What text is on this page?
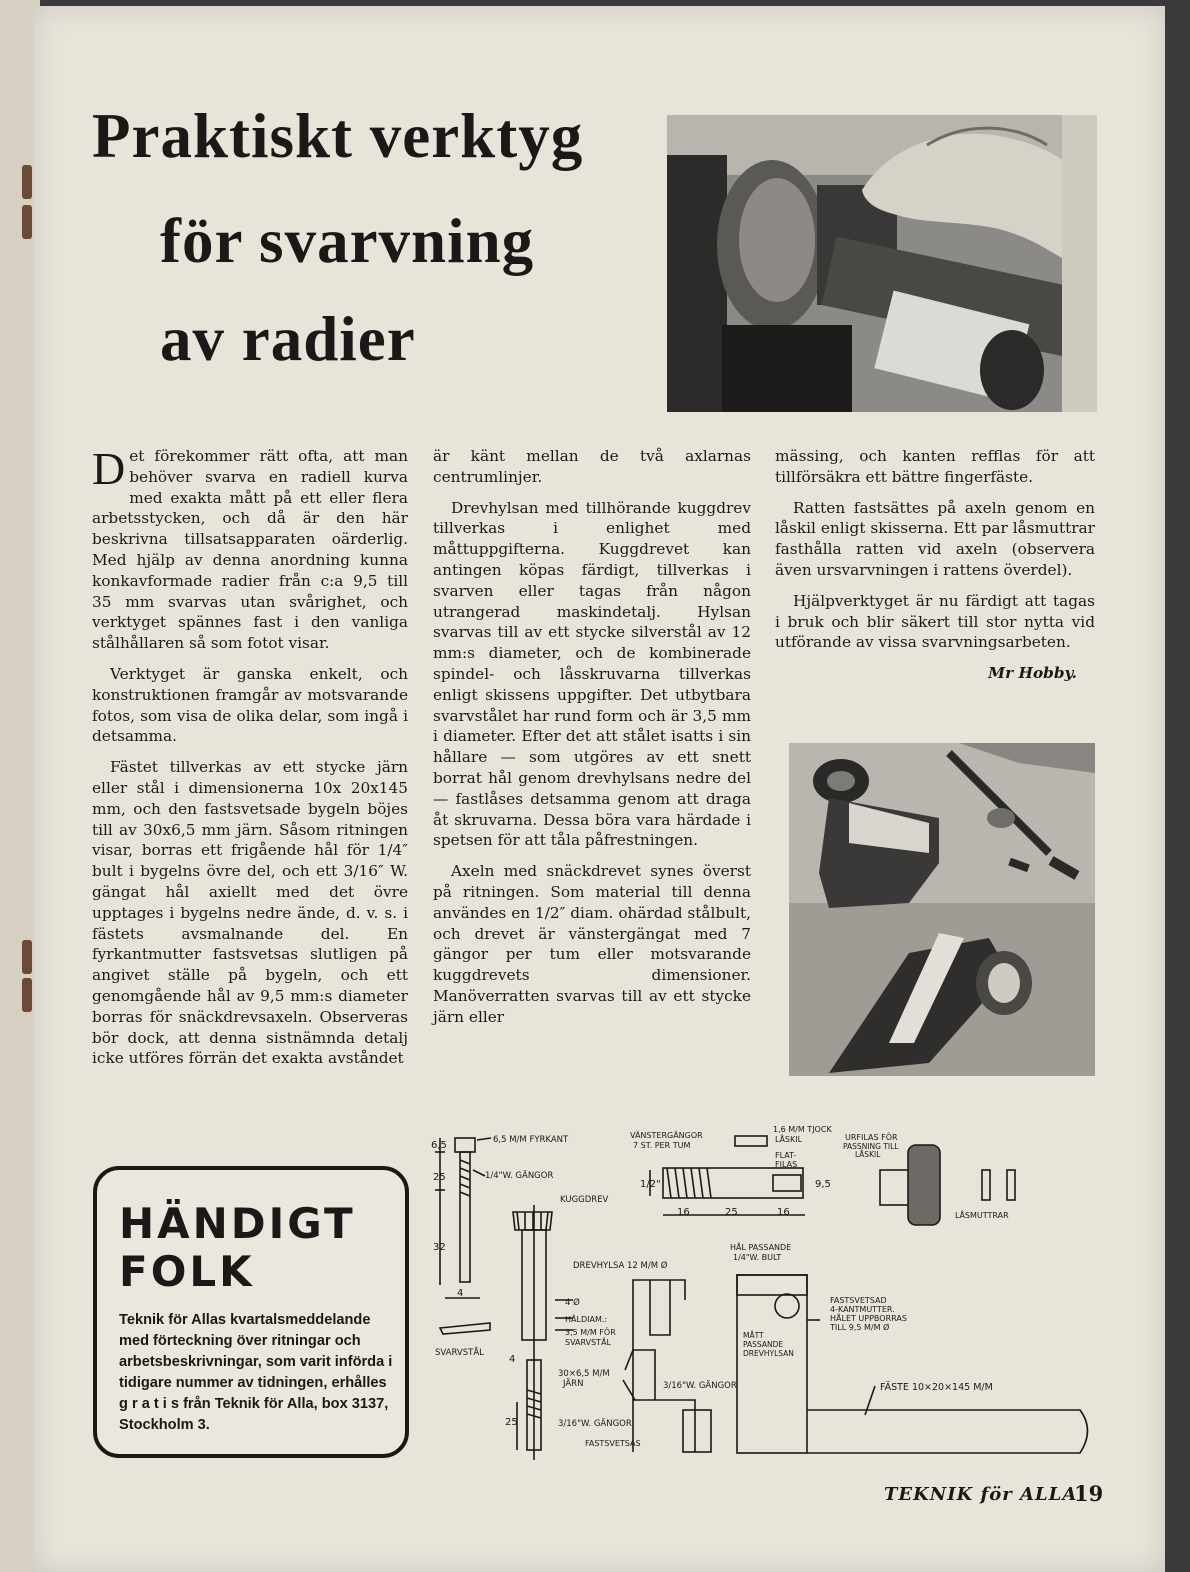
Praktiskt verktyg
för svarvning
av radier

Det förekommer rätt ofta, att man behöver svarva en radiell kurva med exakta mått på ett eller flera arbetsstycken, och då är den här beskrivna tillsatsapparaten oärderlig. Med hjälp av denna anordning kunna konkavformade radier från c:a 9,5 till 35 mm svarvas utan svårighet, och verktyget spännes fast i den vanliga stålhållaren så som fotot visar.

Verktyget är ganska enkelt, och konstruktionen framgår av motsvarande fotos, som visa de olika delar, som ingå i detsamma.

Fästet tillverkas av ett stycke järn eller stål i dimensionerna 10x 20x145 mm, och den fastsvetsade bygeln böjes till av 30x6,5 mm järn. Såsom ritningen visar, borras ett frigående hål för 1/4″ bult i bygelns övre del, och ett 3/16″ W. gängat hål axiellt med det övre upptages i bygelns nedre ände, d. v. s. i fästets avsmalnande del. En fyrkantmutter fastsvetsas slutligen på angivet ställe på bygeln, och ett genomgående hål av 9,5 mm:s diameter borras för snäckdrevsaxeln. Observeras bör dock, att denna sistnämnda detalj icke utföres förrän det exakta avståndet

är känt mellan de två axlarnas centrumlinjer.

Drevhylsan med tillhörande kuggdrev tillverkas i enlighet med måttuppgifterna. Kuggdrevet kan antingen köpas färdigt, tillverkas i svarven eller tagas från någon utrangerad maskindetalj. Hylsan svarvas till av ett stycke silverstål av 12 mm:s diameter, och de kombinerade spindel- och låsskruvarna tillverkas enligt skissens uppgifter. Det utbytbara svarvstålet har rund form och är 3,5 mm i diameter. Efter det att stålet isatts i sin hållare — som utgöres av ett snett borrat hål genom drevhylsans nedre del — fastlåses detsamma genom att draga åt skruvarna. Dessa böra vara härdade i spetsen för att tåla påfrestningen.

Axeln med snäckdrevet synes överst på ritningen. Som material till denna användes en 1/2″ diam. ohärdad stålbult, och drevet är vänstergängat med 7 gängor per tum eller motsvarande kuggdrevets dimensioner. Manöverratten svarvas till av ett stycke järn eller

mässing, och kanten refflas för att tillförsäkra ett bättre fingerfäste.

Ratten fastsättes på axeln genom en låskil enligt skisserna. Ett par låsmuttrar fasthålla ratten vid axeln (observera även ursvarvningen i rattens överdel).

Hjälpverktyget är nu färdigt att tagas i bruk och blir säkert till stor nytta vid utförande av vissa svarvningsarbeten.

Mr Hobby.
HÄNDIGT
FOLK
Teknik för Allas kvartalsmeddelande med förteckning över ritningar och arbetsbeskrivningar, som varit införda i tidigare nummer av tidningen, erhålles g r a t i s från Teknik för Alla, box 3137, Stockholm 3.
6,5
25
32
4
6,5 M/M FYRKANT
1/4"W. GÄNGOR
SVARVSTÅL
KUGGDREV
DREVHYLSA 12 M/M Ø
4 Ø
HÅLDIAM.:
3,5 M/M FÖR
SVARVSTÅL
30×6,5 M/M
JÄRN
3/16"W. GÄNGOR
FASTSVETSAS
4
25
VÄNSTERGÄNGOR
7 ST. PER TUM
1,6 M/M TJOCK
LÅSKIL
FLAT-
FILAS
1/2"
16	25	16
9,5
URFILAS FÖR
PASSNING TILL
LÅSKIL
LÅSMUTTRAR
HÅL PASSANDE
1/4"W. BULT
FASTSVETSAD
4-KANTMUTTER.
HÅLET UPPBORRAS
TILL 9,5 M/M Ø
MÅTT
PASSANDE
DREVHYLSAN
3/16"W. GÄNGOR	FÄSTE 10×20×145 M/M
TEKNIK för ALLA
19
